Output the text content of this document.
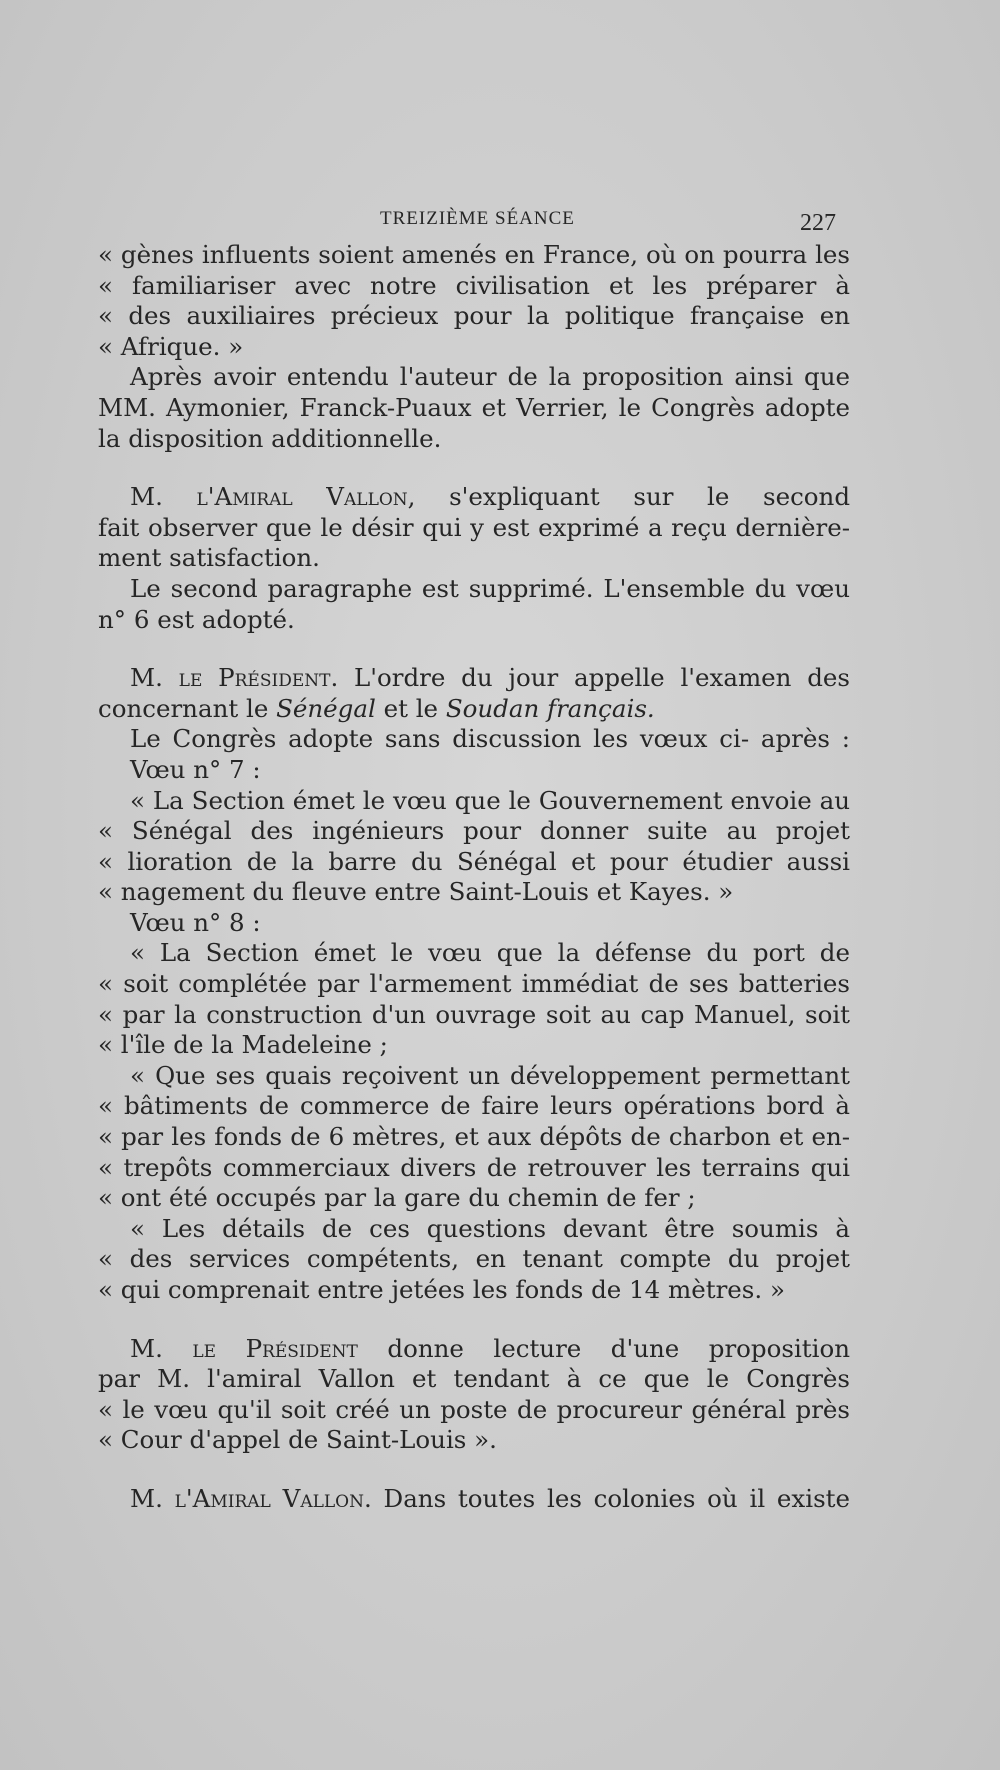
TREIZIÈME SÉANCE	227
« gènes influents soient amenés en France, où on pourra les
« familiariser avec notre civilisation et les préparer à
« des auxiliaires précieux pour la politique française en
« Afrique. »
Après avoir entendu l'auteur de la proposition ainsi que
MM. Aymonier, Franck-Puaux et Verrier, le Congrès adopte
la disposition additionnelle.
M. l'Amiral Vallon, s'expliquant sur le second
fait observer que le désir qui y est exprimé a reçu dernière-
ment satisfaction.
Le second paragraphe est supprimé. L'ensemble du vœu
n° 6 est adopté.
M. le Président. L'ordre du jour appelle l'examen des
concernant le Sénégal et le Soudan français.
Le Congrès adopte sans discussion les vœux ci- après :
Vœu n° 7 :
« La Section émet le vœu que le Gouvernement envoie au
« Sénégal des ingénieurs pour donner suite au projet
« lioration de la barre du Sénégal et pour étudier aussi
« nagement du fleuve entre Saint-Louis et Kayes. »
Vœu n° 8 :
« La Section émet le vœu que la défense du port de
« soit complétée par l'armement immédiat de ses batteries
« par la construction d'un ouvrage soit au cap Manuel, soit
« l'île de la Madeleine ;
« Que ses quais reçoivent un développement permettant
« bâtiments de commerce de faire leurs opérations bord à
« par les fonds de 6 mètres, et aux dépôts de charbon et en-
« trepôts commerciaux divers de retrouver les terrains qui
« ont été occupés par la gare du chemin de fer ;
« Les détails de ces questions devant être soumis à
« des services compétents, en tenant compte du projet
« qui comprenait entre jetées les fonds de 14 mètres. »
M. le Président donne lecture d'une proposition
par M. l'amiral Vallon et tendant à ce que le Congrès
« le vœu qu'il soit créé un poste de procureur général près
« Cour d'appel de Saint-Louis ».
M. l'Amiral Vallon. Dans toutes les colonies où il existe
